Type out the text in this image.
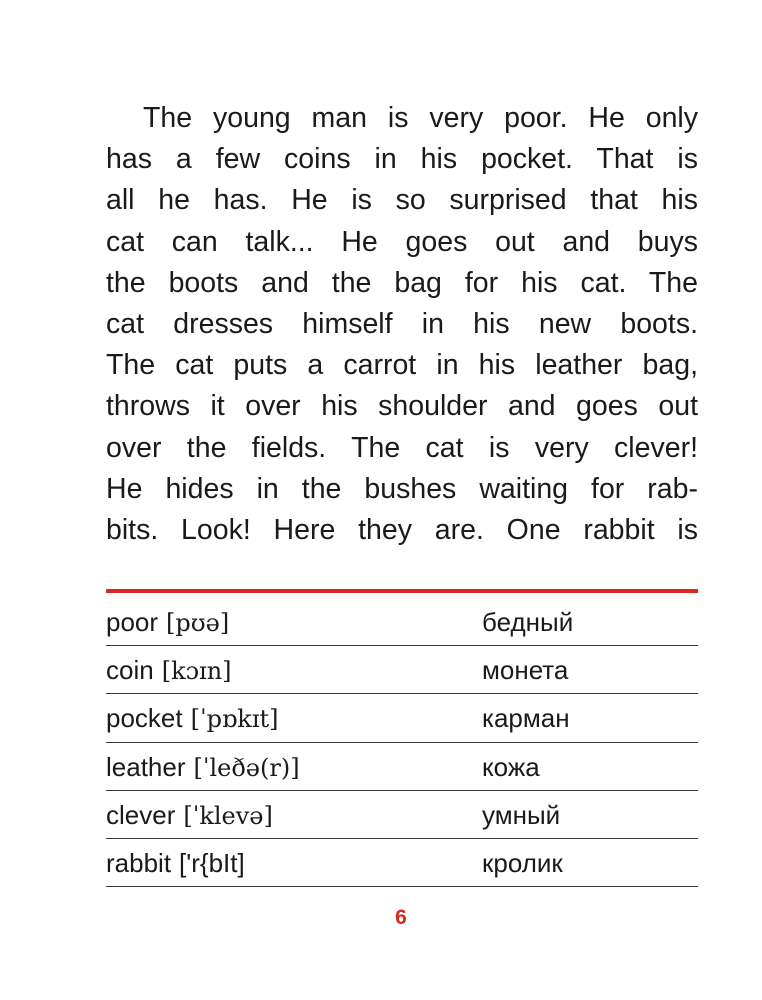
The young man is very poor. He only
has a few coins in his pocket. That is
all he has. He is so surprised that his
cat can talk... He goes out and buys
the boots and the bag for his cat. The
cat dresses himself in his new boots.
The cat puts a carrot in his leather bag,
throws it over his shoulder and goes out
over the fields. The cat is very clever!
He hides in the bushes waiting for rab-
bits. Look! Here they are. One rabbit is
poor [pʊə]	бедный
coin [kɔɪn]	монета
pocket [ˈpɒkɪt]	карман
leather [ˈleðə(r)]	кожа
clever [ˈklevə]	умный
rabbit ['r{bIt]	кролик
6
